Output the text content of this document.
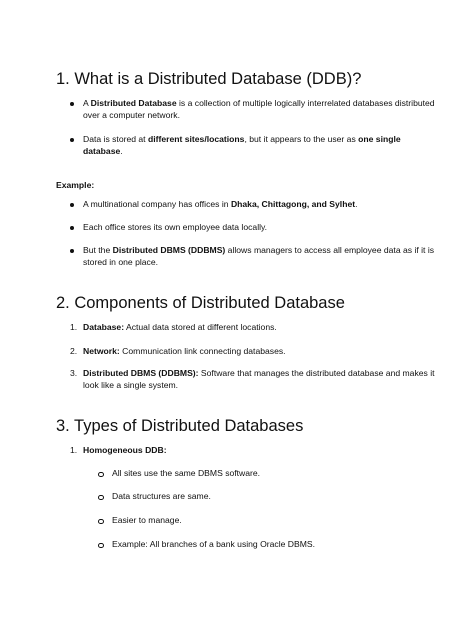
1. What is a Distributed Database (DDB)?
A Distributed Database is a collection of multiple logically interrelated databases distributed over a computer network.
Data is stored at different sites/locations, but it appears to the user as one single database.

Example:

A multinational company has offices in Dhaka, Chittagong, and Sylhet.
Each office stores its own employee data locally.
But the Distributed DBMS (DDBMS) allows managers to access all employee data as if it is stored in one place.
2. Components of Distributed Database
1. Database: Actual data stored at different locations.
2. Network: Communication link connecting databases.
3. Distributed DBMS (DDBMS): Software that manages the distributed database and makes it look like a single system.
3. Types of Distributed Databases
1. Homogeneous DDB:
All sites use the same DBMS software.
Data structures are same.
Easier to manage.
Example: All branches of a bank using Oracle DBMS.
